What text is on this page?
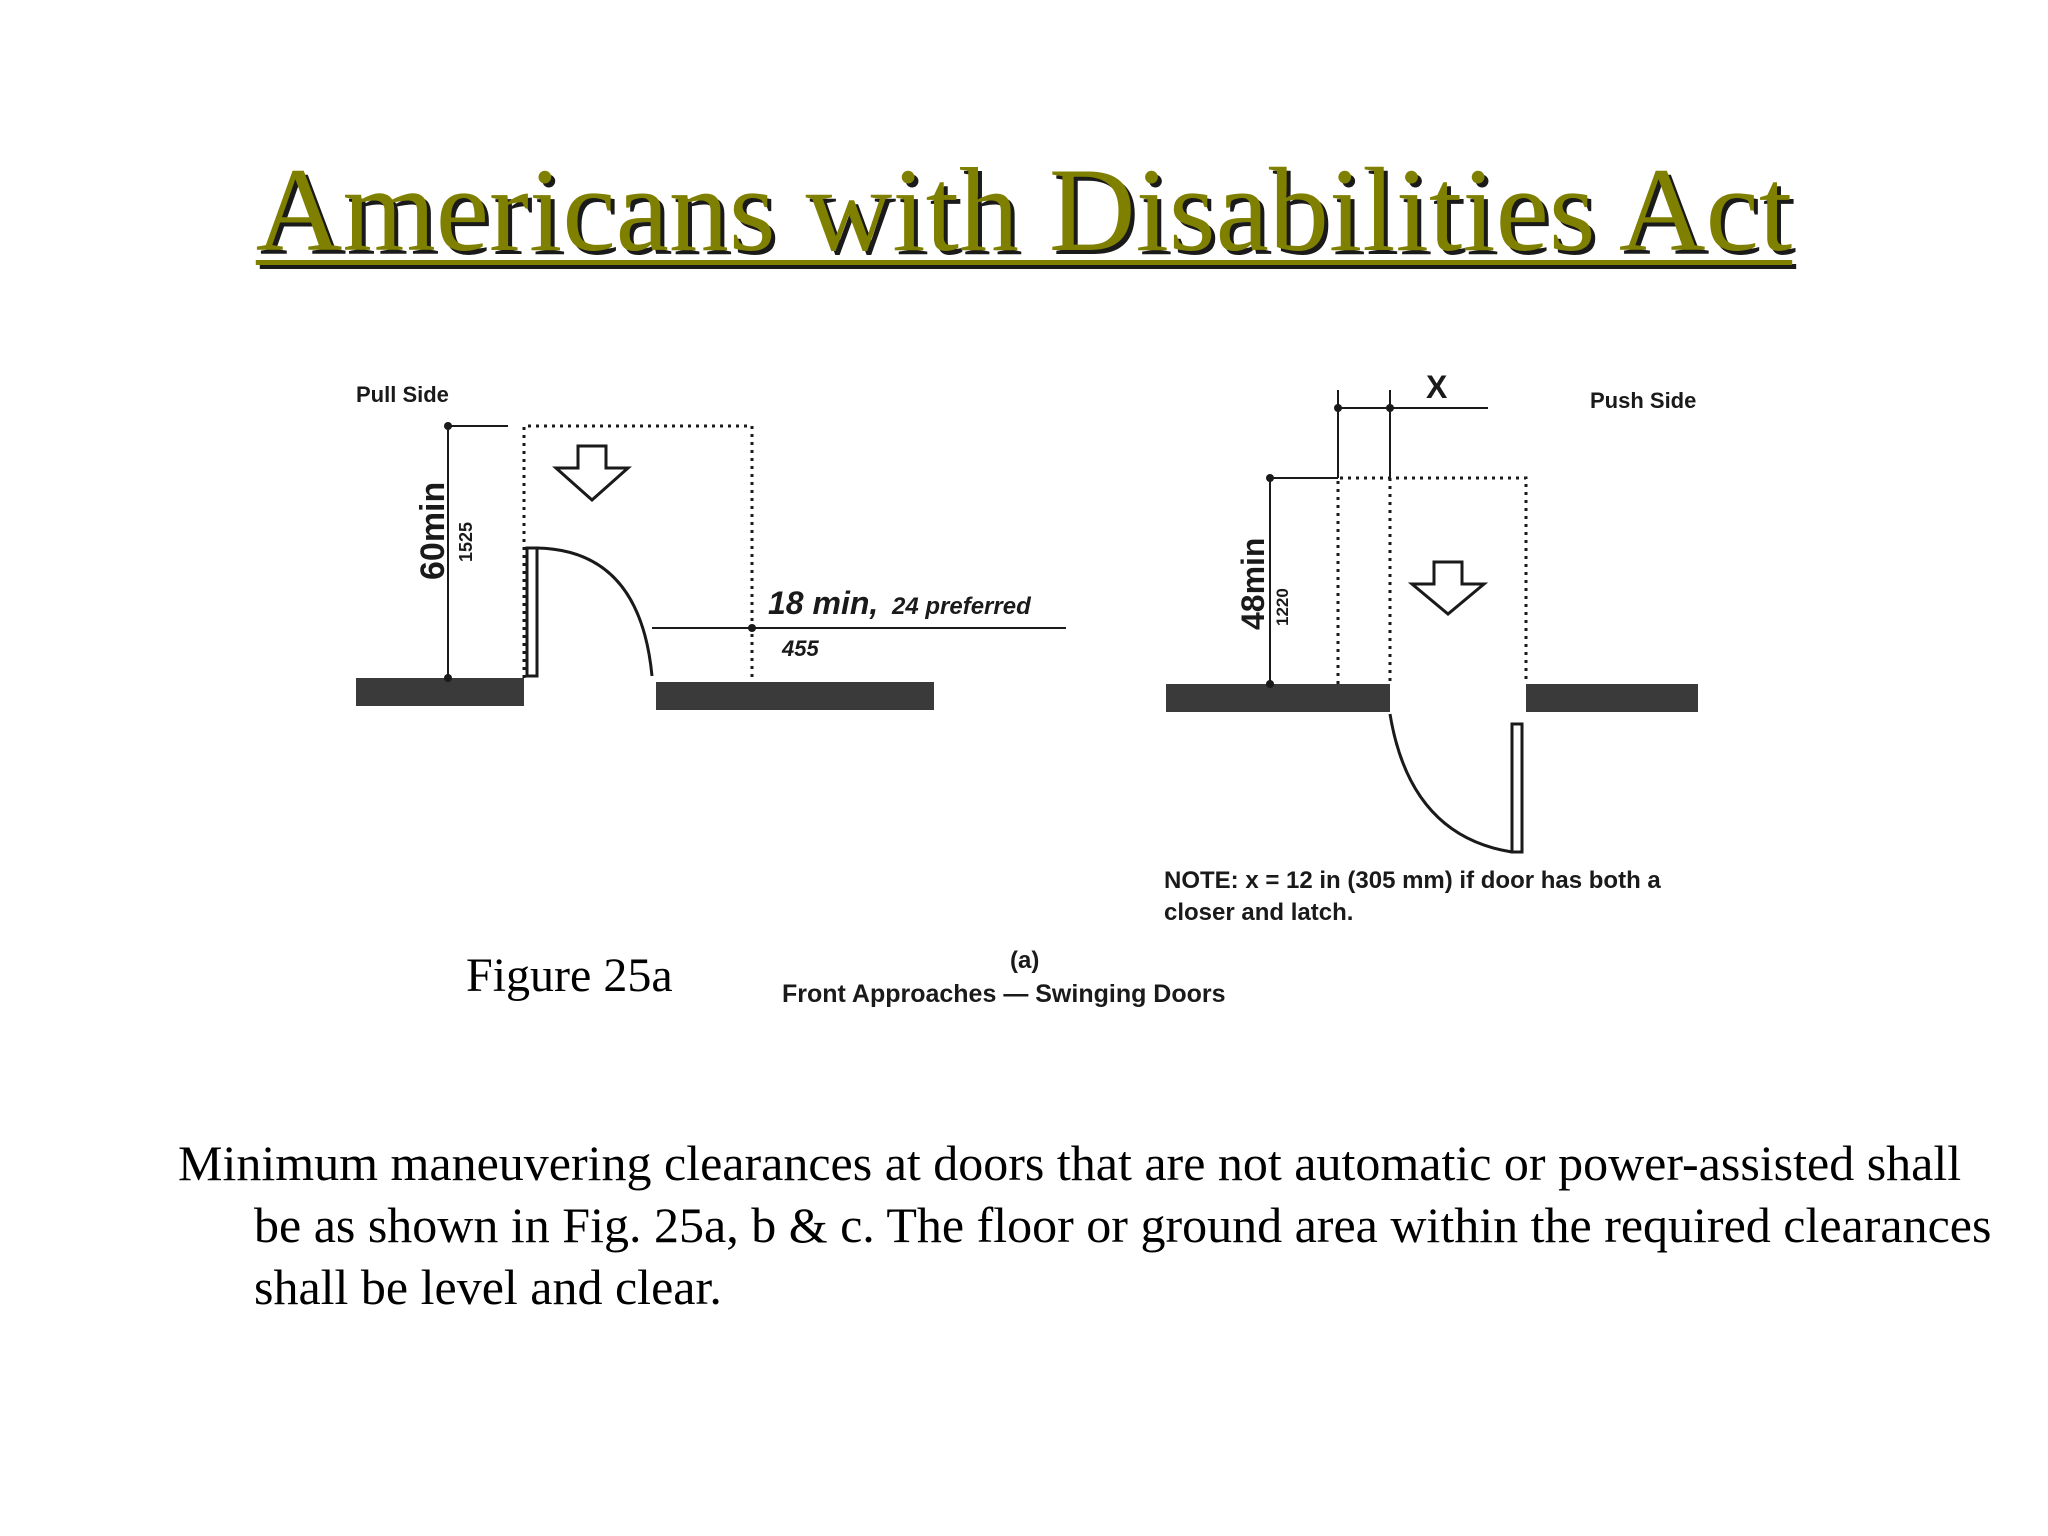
Americans with Disabilities Act
Pull Side
60min 1525
18 min, 24 preferred
455
Push Side
X
48min 1220
NOTE: x = 12 in (305 mm) if door has both a
closer and latch.
(a)
Front Approaches — Swinging Doors

Figure 25a

Minimum maneuvering clearances at doors that are not automatic or power-assisted shall be as shown in Fig. 25a, b & c. The floor or ground area within the required clearances shall be level and clear.
